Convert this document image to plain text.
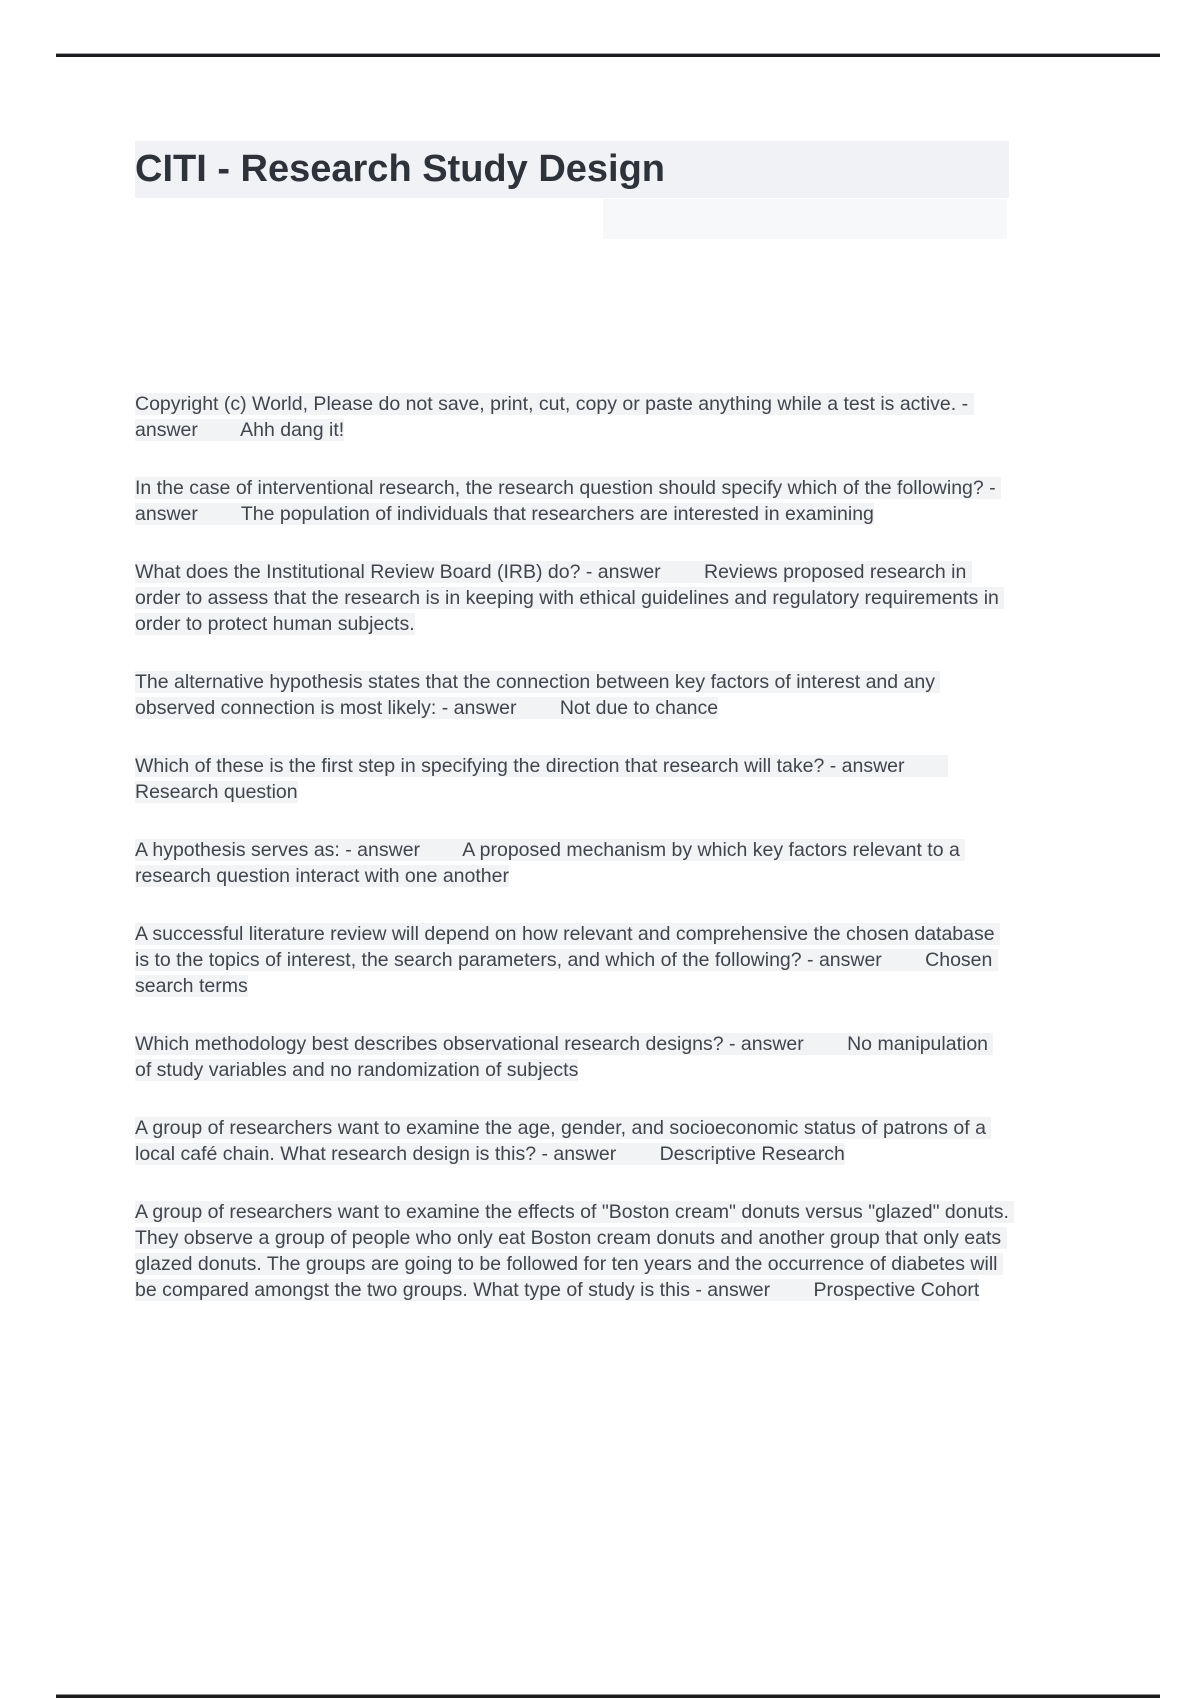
CITI - Research Study Design

Copyright (c) World, Please do not save, print, cut, copy or paste anything while a test is active. - answer        Ahh dang it!

In the case of interventional research, the research question should specify which of the following? - answer        The population of individuals that researchers are interested in examining

What does the Institutional Review Board (IRB) do? - answer        Reviews proposed research in order to assess that the research is in keeping with ethical guidelines and regulatory requirements in order to protect human subjects.

The alternative hypothesis states that the connection between key factors of interest and any observed connection is most likely: - answer        Not due to chance

Which of these is the first step in specifying the direction that research will take? - answer        Research question

A hypothesis serves as: - answer        A proposed mechanism by which key factors relevant to a research question interact with one another

A successful literature review will depend on how relevant and comprehensive the chosen database is to the topics of interest, the search parameters, and which of the following? - answer        Chosen search terms

Which methodology best describes observational research designs? - answer        No manipulation of study variables and no randomization of subjects

A group of researchers want to examine the age, gender, and socioeconomic status of patrons of a local café chain. What research design is this? - answer        Descriptive Research

A group of researchers want to examine the effects of "Boston cream" donuts versus "glazed" donuts. They observe a group of people who only eat Boston cream donuts and another group that only eats glazed donuts. The groups are going to be followed for ten years and the occurrence of diabetes will be compared amongst the two groups. What type of study is this - answer        Prospective Cohort
